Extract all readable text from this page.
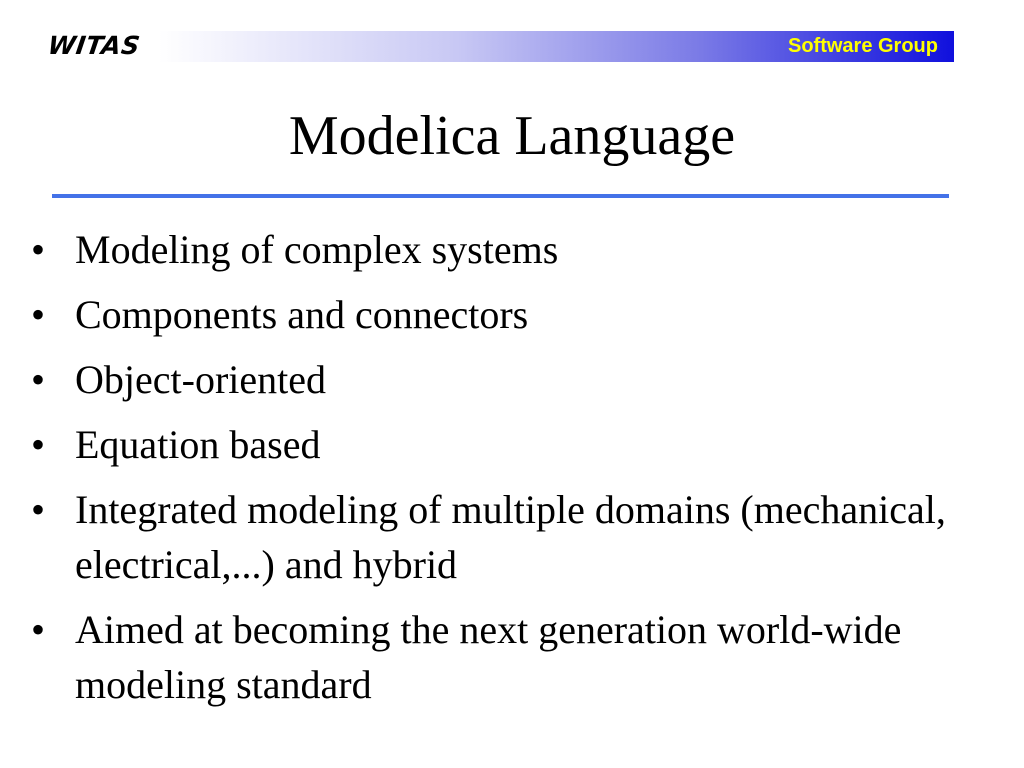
WITAS	Software Group
Modelica Language
• Modeling of complex systems
• Components and connectors
• Object-oriented
• Equation based
• Integrated modeling of multiple domains (mechanical, electrical,...) and hybrid
• Aimed at becoming the next generation world-wide modeling standard
